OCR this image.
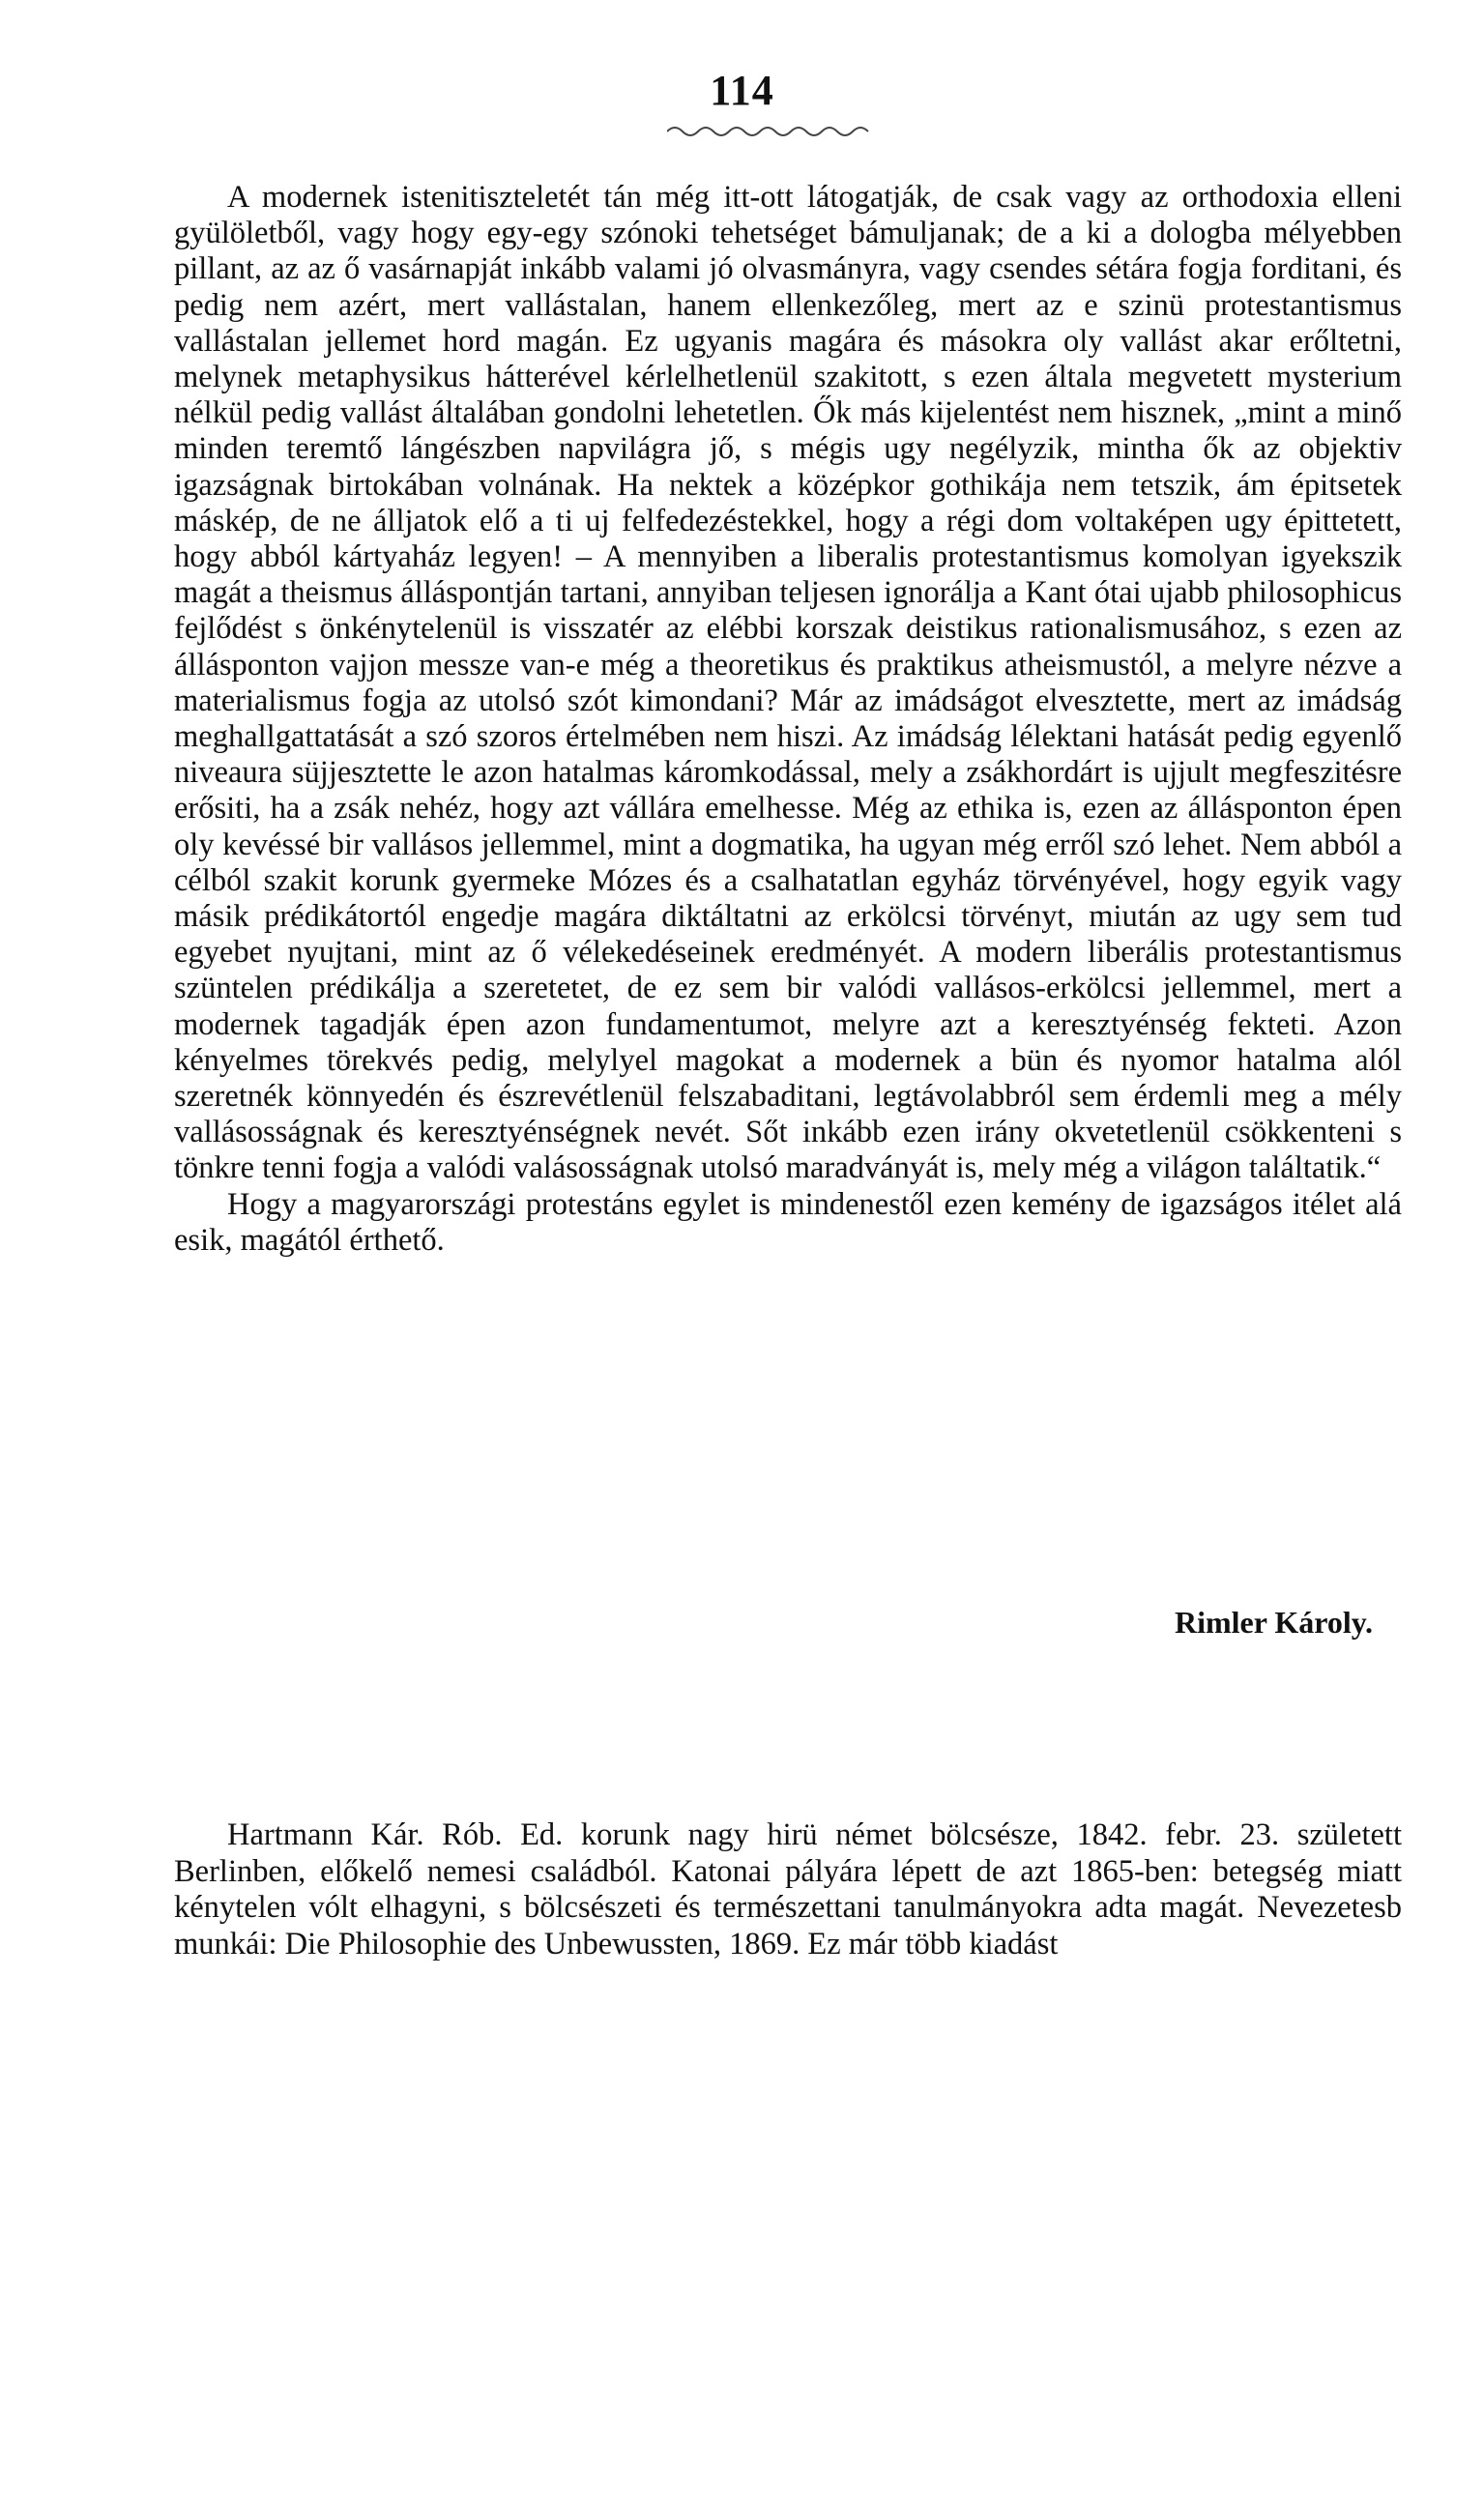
114

A modernek istenitiszteletét tán még itt-ott látogatják, de csak vagy az orthodoxia elleni gyülöletből, vagy hogy egy-egy szónoki tehetséget bámuljanak; de a ki a dologba mélyebben pillant, az az ő vasárnapját inkább valami jó olvasmányra, vagy csendes sétára fogja forditani, és pedig nem azért, mert vallástalan, hanem ellenkezőleg, mert az e szinü protestantismus vallástalan jellemet hord magán. Ez ugyanis magára és másokra oly vallást akar erőltetni, melynek metaphysikus hátterével kérlelhetlenül szakitott, s ezen általa megvetett mysterium nélkül pedig vallást általában gondolni lehetetlen. Ők más kijelentést nem hisznek, „mint a minő minden teremtő lángészben napvilágra jő, s mégis ugy negélyzik, mintha ők az objektiv igazságnak birtokában volnának. Ha nektek a középkor gothikája nem tetszik, ám épitsetek máskép, de ne álljatok elő a ti uj felfedezéstekkel, hogy a régi dom voltaképen ugy épittetett, hogy abból kártyaház legyen! – A mennyiben a liberalis protestantismus komolyan igyekszik magát a theismus álláspontján tartani, annyiban teljesen ignorálja a Kant ótai ujabb philosophicus fejlődést s önkénytelenül is visszatér az elébbi korszak deistikus rationalismusához, s ezen az állásponton vajjon messze van-e még a theoretikus és praktikus atheismustól, a melyre nézve a materialismus fogja az utolsó szót kimondani? Már az imádságot elvesztette, mert az imádság meghallgattatását a szó szoros értelmében nem hiszi. Az imádság lélektani hatását pedig egyenlő niveaura süjjesztette le azon hatalmas káromkodással, mely a zsákhordárt is ujjult megfeszitésre erősiti, ha a zsák nehéz, hogy azt vállára emelhesse. Még az ethika is, ezen az állásponton épen oly kevéssé bir vallásos jellemmel, mint a dogmatika, ha ugyan még erről szó lehet. Nem abból a célból szakit korunk gyermeke Mózes és a csalhatatlan egyház törvényével, hogy egyik vagy másik prédikátortól engedje magára diktáltatni az erkölcsi törvényt, miután az ugy sem tud egyebet nyujtani, mint az ő vélekedéseinek eredményét. A modern liberális protestantismus szüntelen prédikálja a szeretetet, de ez sem bir valódi vallásos-erkölcsi jellemmel, mert a modernek tagadják épen azon fundamentumot, melyre azt a keresztyénség fekteti. Azon kényelmes törekvés pedig, melylyel magokat a modernek a bün és nyomor hatalma alól szeretnék könnyedén és észrevétlenül felszabaditani, legtávolabbról sem érdemli meg a mély vallásosságnak és keresztyénségnek nevét. Sőt inkább ezen irány okvetetlenül csökkenteni s tönkre tenni fogja a valódi valásosságnak utolsó maradványát is, mely még a világon találtatik.“

Hogy a magyarországi protestáns egylet is mindenestől ezen kemény de igazságos itélet alá esik, magától érthető.

Rimler Károly.

Hartmann Kár. Rób. Ed. korunk nagy hirü német bölcsésze, 1842. febr. 23. született Berlinben, előkelő nemesi családból. Katonai pályára lépett de azt 1865-ben: betegség miatt kénytelen vólt elhagyni, s bölcsészeti és természettani tanulmányokra adta magát. Nevezetesb munkái: Die Philosophie des Unbewussten, 1869. Ez már több kiadást
